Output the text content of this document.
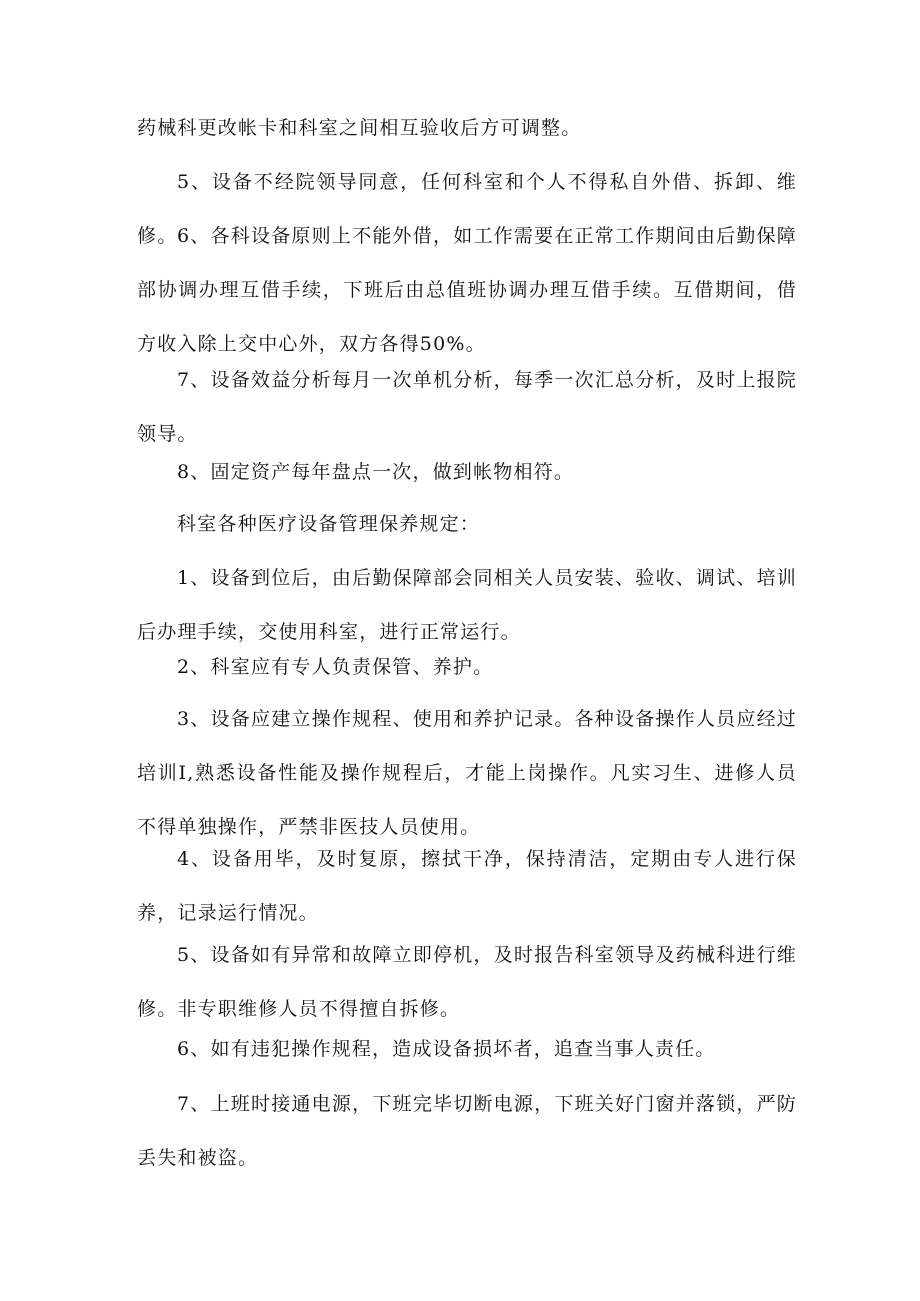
药械科更改帐卡和科室之间相互验收后方可调整。

5、设备不经院领导同意，任何科室和个人不得私自外借、拆卸、维修。 6、各科设备原则上不能外借，如工作需要在正常工作期间由后勤保障部协调办理互借手续，下班后由总值班协调办理互借手续。互借期间，借方收入除上交中心外，双方各得50%。

7、设备效益分析每月一次单机分析，每季一次汇总分析，及时上报院领导。

8、固定资产每年盘点一次，做到帐物相符。

科室各种医疗设备管理保养规定：

1、设备到位后，由后勤保障部会同相关人员安装、验收、调试、培训后办理手续，交使用科室，进行正常运行。

2、科室应有专人负责保管、养护。

3、设备应建立操作规程、使用和养护记录。各种设备操作人员应经过培训I,熟悉设备性能及操作规程后，才能上岗操作。凡实习生、进修人员不得单独操作，严禁非医技人员使用。

4、设备用毕，及时复原，擦拭干净，保持清洁，定期由专人进行保养，记录运行情况。

5、设备如有异常和故障立即停机，及时报告科室领导及药械科进行维修。非专职维修人员不得擅自拆修。

6、如有违犯操作规程，造成设备损坏者，追查当事人责任。

7、上班时接通电源，下班完毕切断电源，下班关好门窗并落锁，严防丢失和被盗。
